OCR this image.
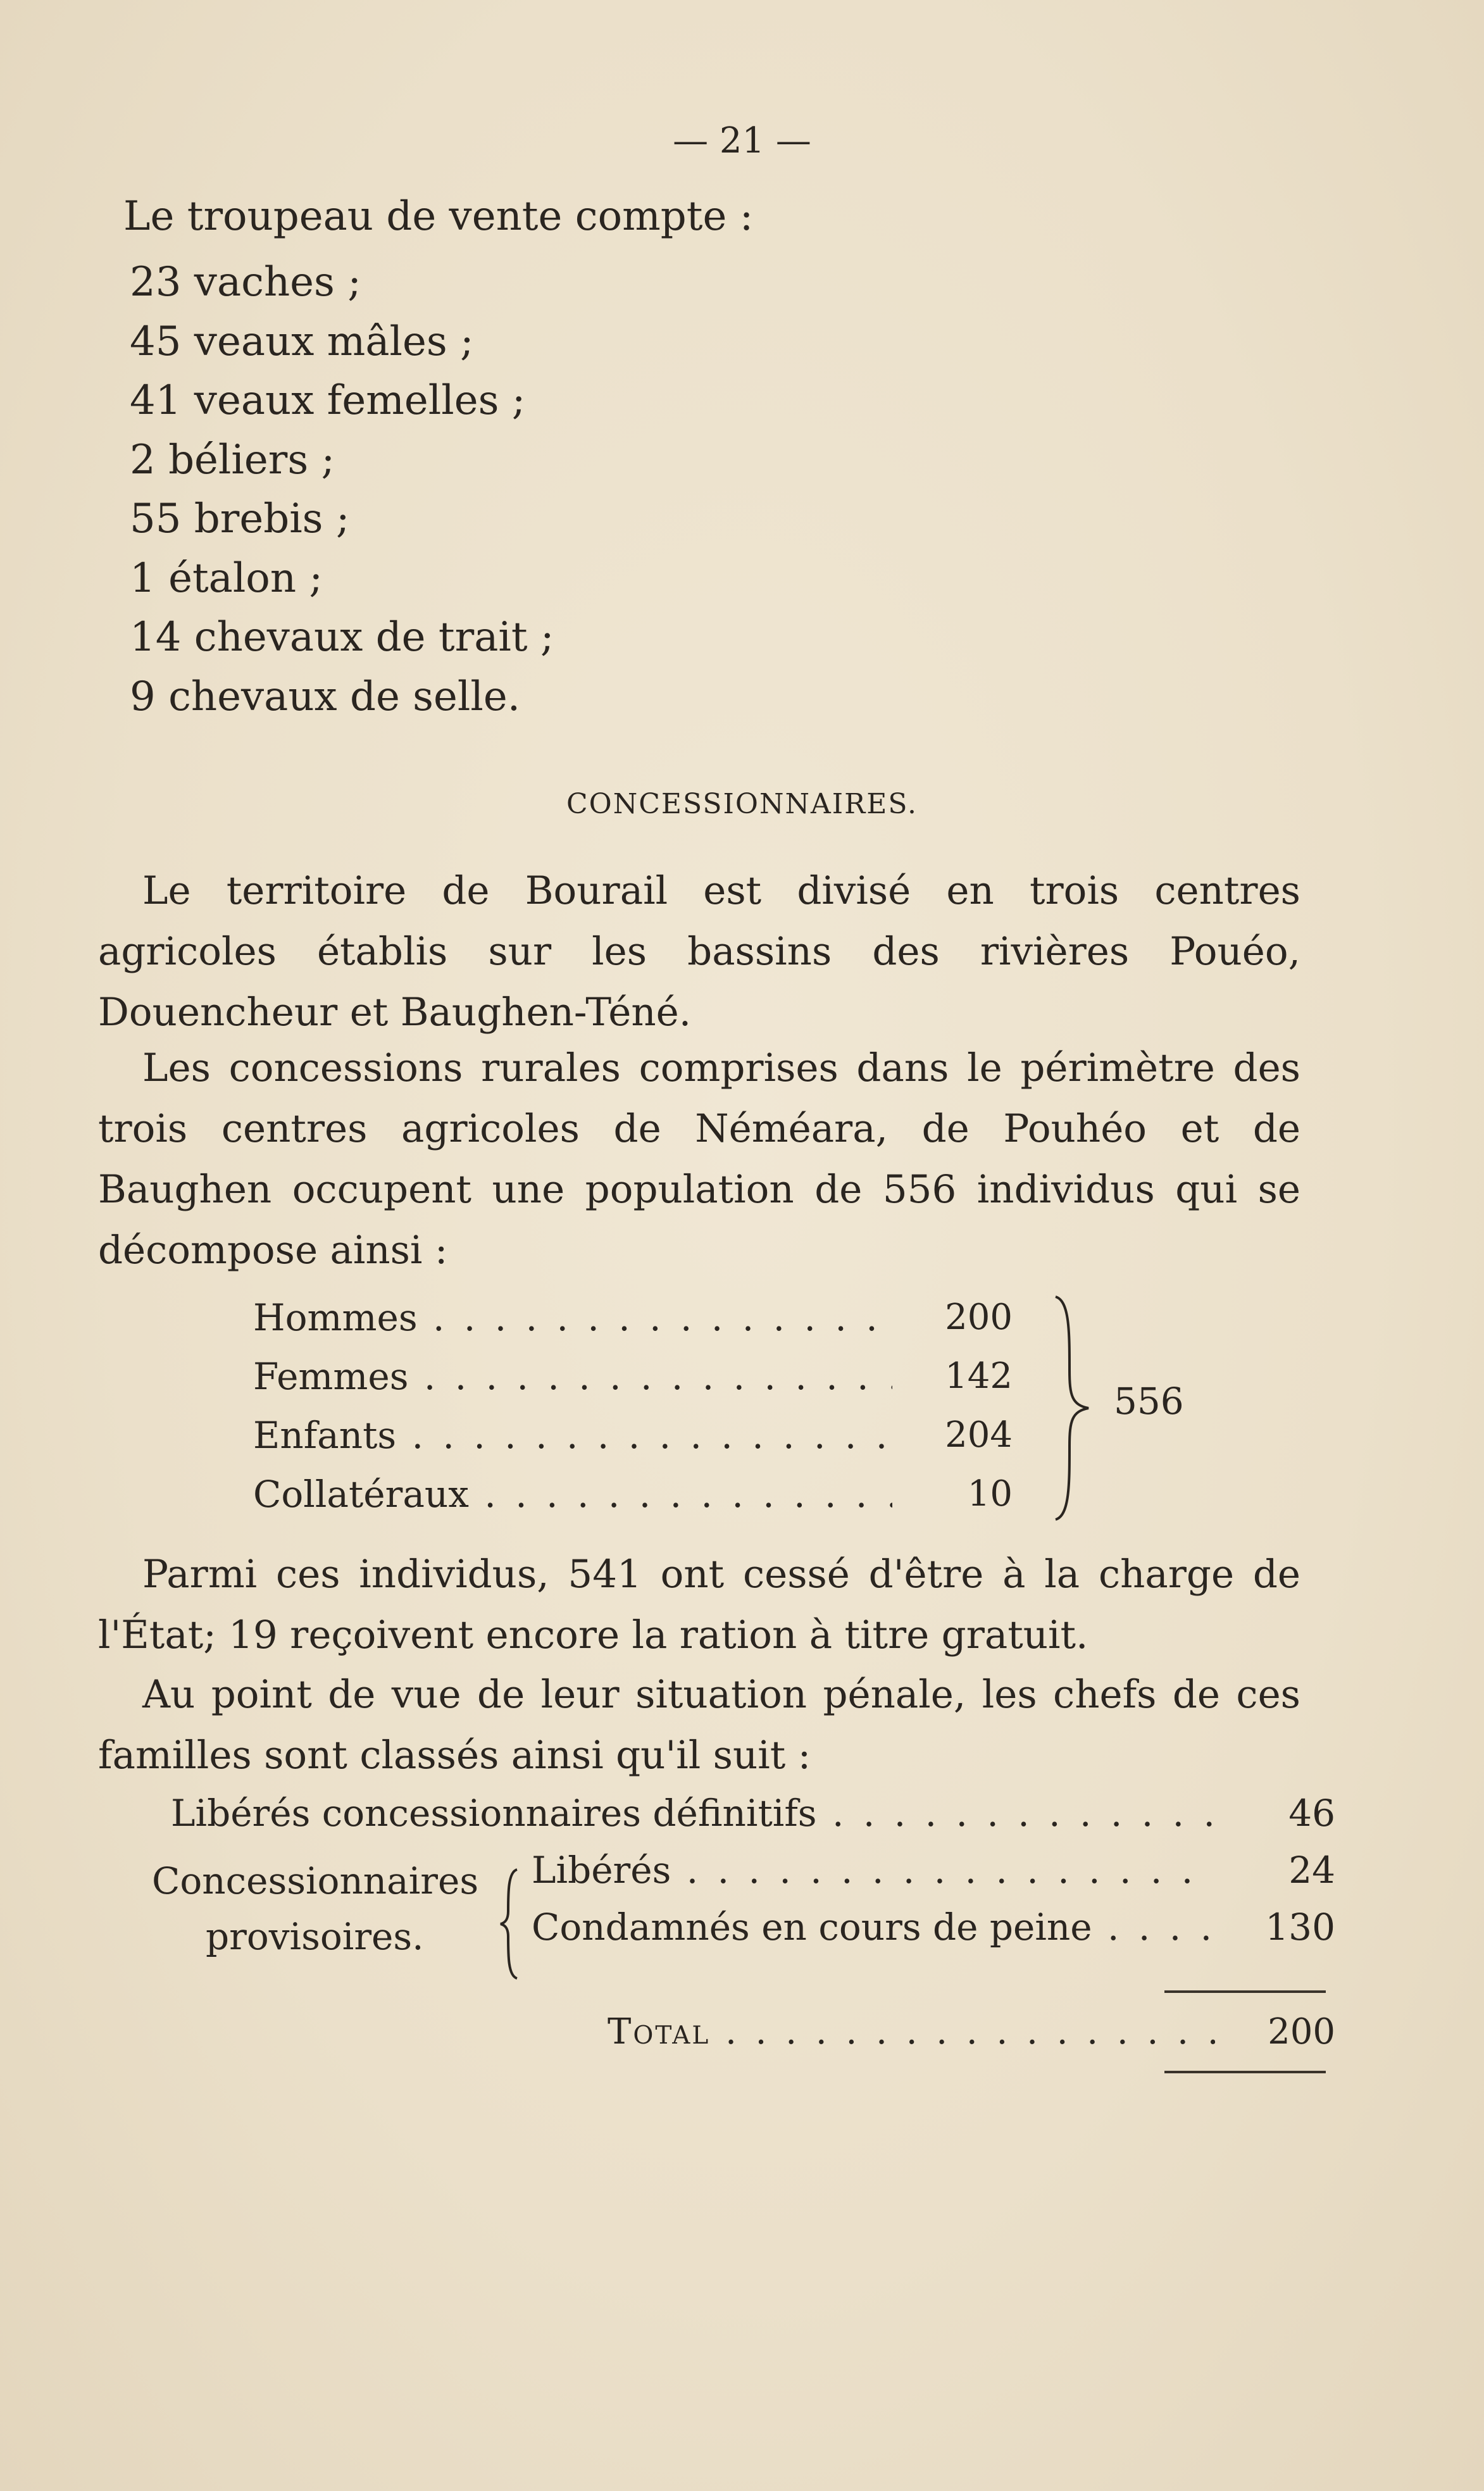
— 21 —
Le troupeau de vente compte :
23 vaches ;
45 veaux mâles ;
41 veaux femelles ;
2 béliers ;
55 brebis ;
1 étalon ;
14 chevaux de trait ;
9 chevaux de selle.
CONCESSIONNAIRES.

Le territoire de Bourail est divisé en trois centres agricoles établis sur les bassins des rivières Pouéo, Douencheur et Baughen-Téné.

Les concessions rurales comprises dans le périmètre des trois centres agricoles de Néméara, de Pouhéo et de Baughen occupent une population de 556 individus qui se décompose ainsi :

Hommes . . .	200
Femmes . . .	142
Enfants . . .	204
Collatéraux . . .	10
556

Parmi ces individus, 541 ont cessé d'être à la charge de l'État; 19 reçoivent encore la ration à titre gratuit.

Au point de vue de leur situation pénale, les chefs de ces familles sont classés ainsi qu'il suit :

Libérés concessionnaires définitifs . . .	46
Libérés . . .	24
Condamnés en cours de peine . . .	130
Concessionnaires
provisoires.
Total . . .	200
